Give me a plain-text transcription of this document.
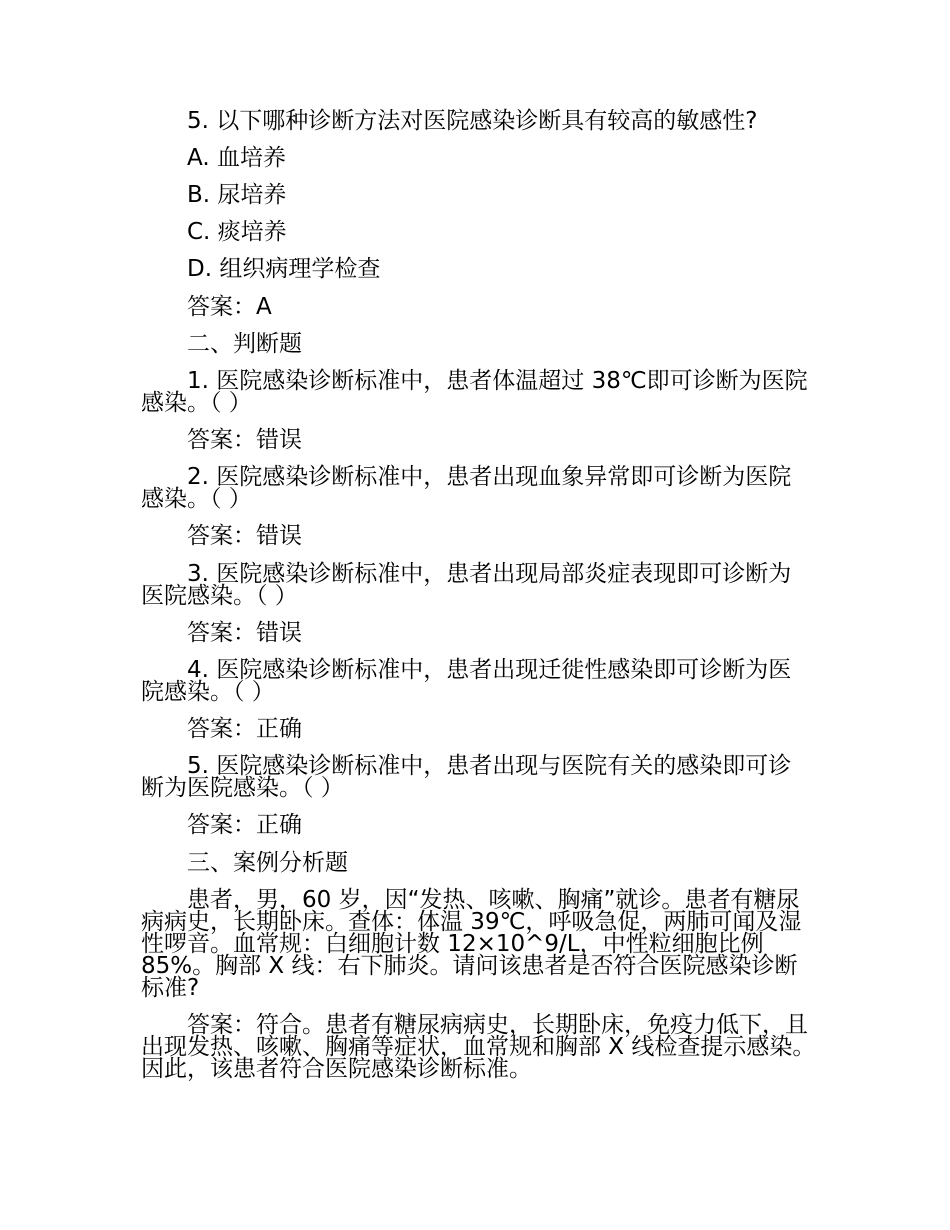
5. 以下哪种诊断方法对医院感染诊断具有较高的敏感性?
A. 血培养
B. 尿培养
C. 痰培养
D. 组织病理学检查
答案：A
二、判断题
1. 医院感染诊断标准中，患者体温超过 38℃即可诊断为医院感染。（ ）
答案：错误
2. 医院感染诊断标准中，患者出现血象异常即可诊断为医院感染。（ ）
答案：错误
3. 医院感染诊断标准中，患者出现局部炎症表现即可诊断为医院感染。（ ）
答案：错误
4. 医院感染诊断标准中，患者出现迁徙性感染即可诊断为医院感染。（ ）
答案：正确
5. 医院感染诊断标准中，患者出现与医院有关的感染即可诊断为医院感染。（ ）
答案：正确
三、案例分析题
患者，男，60 岁，因“发热、咳嗽、胸痛”就诊。患者有糖尿病病史，长期卧床。查体：体温 39℃，呼吸急促，两肺可闻及湿性啰音。血常规：白细胞计数 12×10^9/L，中性粒细胞比例 85%。胸部 X 线：右下肺炎。请问该患者是否符合医院感染诊断标准?
答案：符合。患者有糖尿病病史，长期卧床，免疫力低下，且出现发热、咳嗽、胸痛等症状，血常规和胸部 X 线检查提示感染。因此，该患者符合医院感染诊断标准。
